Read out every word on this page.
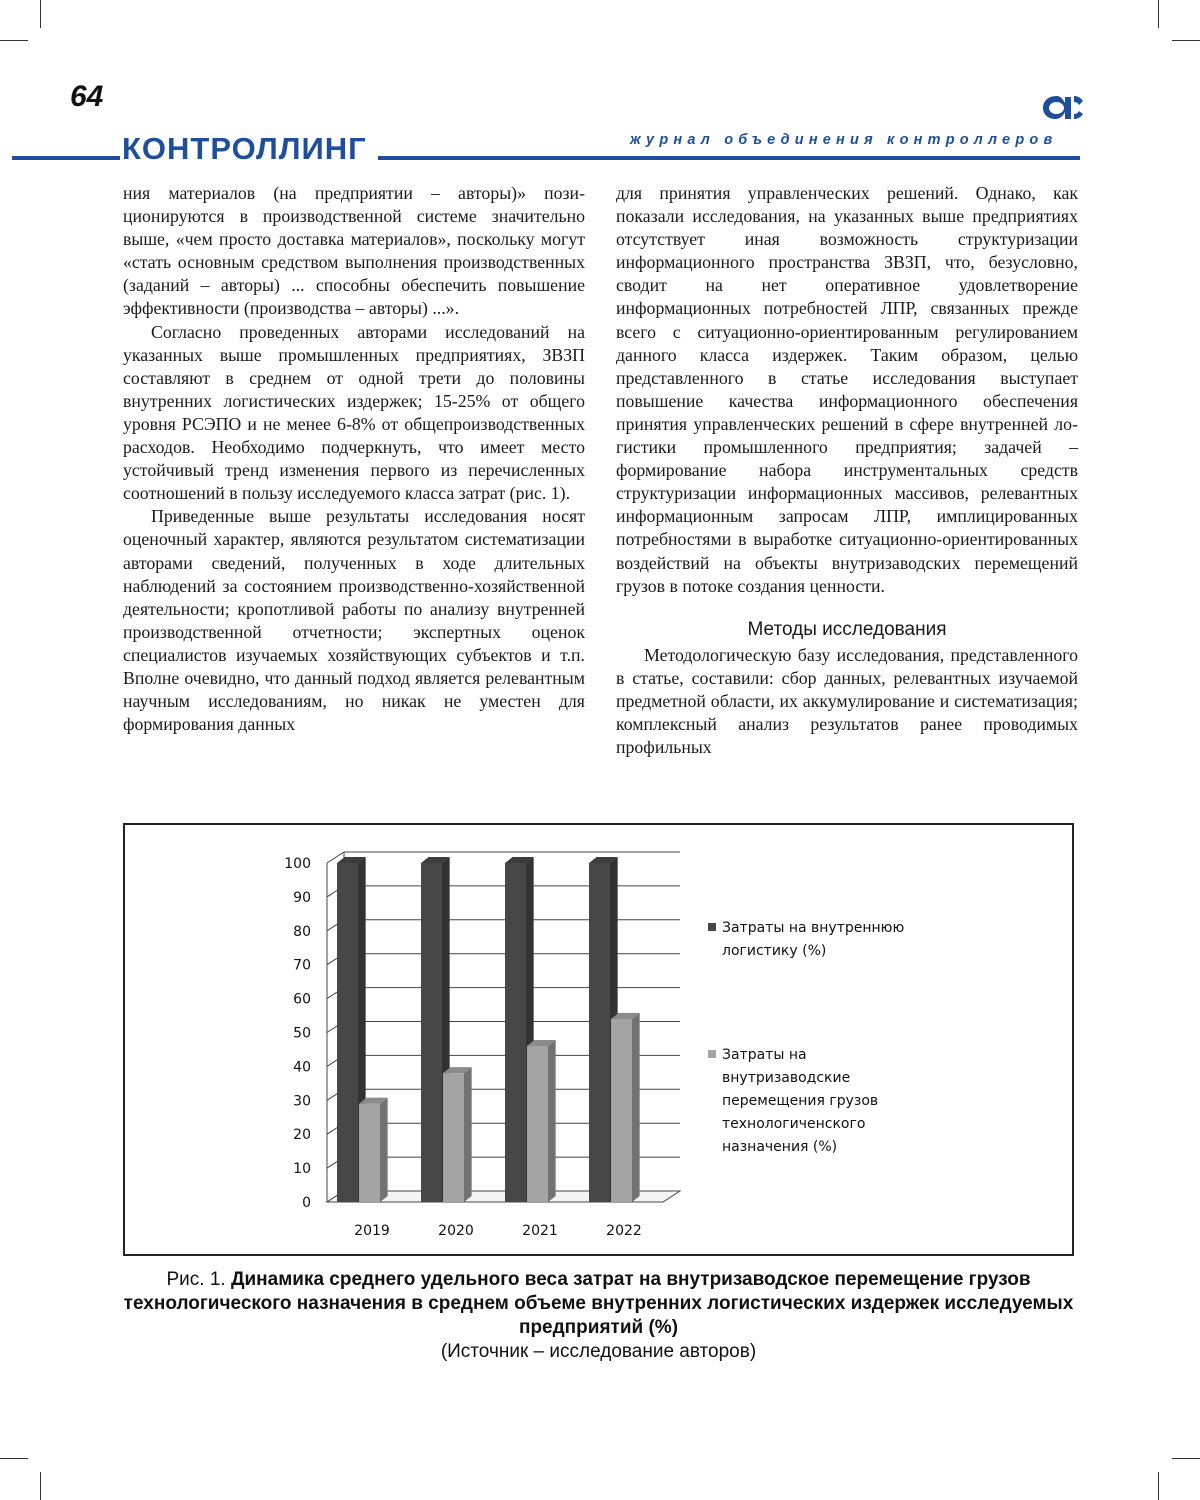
64
КОНТРОЛЛИНГ	журнал объединения контроллеров

ния материалов (на предприятии – авторы)» позиционируются в производственной системе значительно выше, «чем просто доставка материалов», поскольку могут «стать основным средством выполнения производственных (заданий – авторы) ... способны обеспечить повышение эффективности (производства – авторы) ...».

Согласно проведенных авторами исследований на указанных выше промышленных предприятиях, ЗВЗП составляют в среднем от одной трети до половины внутренних логистических издержек; 15-25% от общего уровня РСЭПО и не менее 6-8% от общепроизводственных расходов. Необходимо подчеркнуть, что имеет место устойчивый тренд изменения первого из перечисленных соотношений в пользу исследуемого класса затрат (рис. 1).

Приведенные выше результаты исследования носят оценочный характер, являются результатом систематизации авторами сведений, полученных в ходе длительных наблюдений за состоянием производственно-хозяйственной деятельности; кропотливой работы по анализу внутренней производственной отчетности; экспертных оценок специалистов изучаемых хозяйствующих субъектов и т.п. Вполне очевидно, что данный подход является релевантным научным исследованиям, но никак не уместен для формирования данных

для принятия управленческих решений. Однако, как показали исследования, на указанных выше предприятиях отсутствует иная возможность структуризации информационного пространства ЗВЗП, что, безусловно, сводит на нет оперативное удовлетворение информационных потребностей ЛПР, связанных прежде всего с ситуационно-ориентированным регулированием данного класса издержек. Таким образом, целью представленного в статье исследования выступает повышение качества информационного обеспечения принятия управленческих решений в сфере внутренней логистики промышленного предприятия; задачей – формирование набора инструментальных средств структуризации информационных массивов, релевантных информационным запросам ЛПР, имплицированных потребностями в выработке ситуационно-ориентированных воздействий на объекты внутризаводских перемещений грузов в потоке создания ценности.

Методы исследования

Методологическую базу исследования, представленного в статье, составили: сбор данных, релевантных изучаемой предметной области, их аккумулирование и систематизация; комплексный анализ результатов ранее проводимых профильных

0
10
20
30
40
50
60
70
80
90
100
2019	2020	2021	2022
Затраты на внутреннюю
логистику (%)
Затраты на
внутризаводские
перемещения грузов
технологиченского
назначения (%)
Рис. 1. Динамика среднего удельного веса затрат на внутризаводское перемещение грузов технологического назначения в среднем объеме внутренних логистических издержек исследуемых предприятий (%)
(Источник – исследование авторов)
